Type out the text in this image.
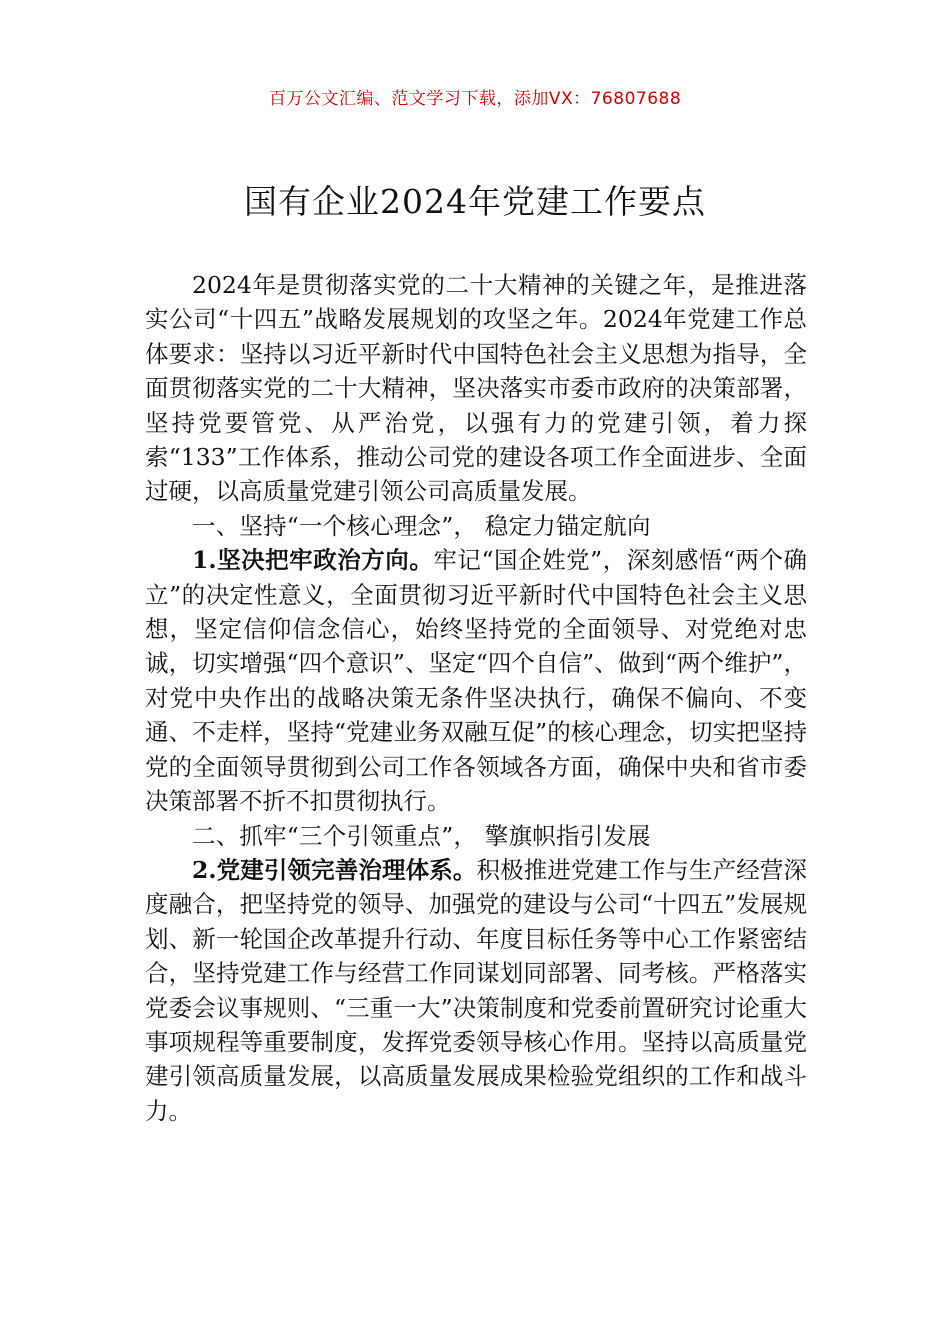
百万公文汇编、范文学习下载，添加VX：76807688
国有企业2024年党建工作要点

2024年是贯彻落实党的二十大精神的关键之年，是推进落实公司“十四五”战略发展规划的攻坚之年。2024年党建工作总体要求：坚持以习近平新时代中国特色社会主义思想为指导，全面贯彻落实党的二十大精神，坚决落实市委市政府的决策部署，坚持党要管党、从严治党，以强有力的党建引领，着力探索“133”工作体系，推动公司党的建设各项工作全面进步、全面过硬，以高质量党建引领公司高质量发展。

一、坚持“一个核心理念”， 稳定力锚定航向

1.坚决把牢政治方向。牢记“国企姓党”，深刻感悟“两个确立”的决定性意义，全面贯彻习近平新时代中国特色社会主义思想，坚定信仰信念信心，始终坚持党的全面领导、对党绝对忠诚，切实增强“四个意识”、坚定“四个自信”、做到“两个维护”，对党中央作出的战略决策无条件坚决执行，确保不偏向、不变通、不走样，坚持“党建业务双融互促”的核心理念，切实把坚持党的全面领导贯彻到公司工作各领域各方面，确保中央和省市委决策部署不折不扣贯彻执行。

二、抓牢“三个引领重点”， 擎旗帜指引发展

2.党建引领完善治理体系。积极推进党建工作与生产经营深度融合，把坚持党的领导、加强党的建设与公司“十四五”发展规划、新一轮国企改革提升行动、年度目标任务等中心工作紧密结合，坚持党建工作与经营工作同谋划同部署、同考核。严格落实党委会议事规则、“三重一大”决策制度和党委前置研究讨论重大事项规程等重要制度，发挥党委领导核心作用。坚持以高质量党建引领高质量发展，以高质量发展成果检验党组织的工作和战斗力。
